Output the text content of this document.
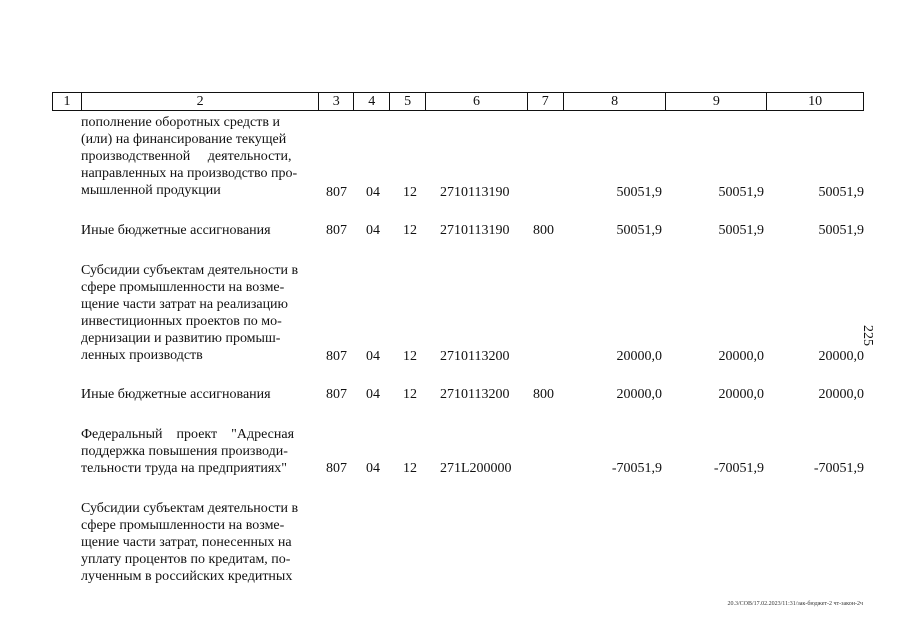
1	2	3	4	5	6	7	8	9	10
пополнение оборотных средств и
(или) на финансирование текущей
производственной     деятельности,
направленных на производство про-
мышленной продукции	807 04 12 2710113190	50051,9	50051,9	50051,9
Иные бюджетные ассигнования	807 04 12 2710113190 800	50051,9	50051,9	50051,9
Субсидии субъектам деятельности в
сфере промышленности на возме-
щение части затрат на реализацию
инвестиционных проектов по мо-
дернизации и развитию промыш-
ленных производств	807 04 12 2710113200	20000,0	20000,0	20000,0
Иные бюджетные ассигнования	807 04 12 2710113200 800	20000,0	20000,0	20000,0
Федеральный    проект    "Адресная
поддержка повышения производи-
тельности труда на предприятиях"	807 04 12 271L200000	-70051,9	-70051,9	-70051,9
Субсидии субъектам деятельности в
сфере промышленности на возме-
щение части затрат, понесенных на
уплату процентов по кредитам, по-
лученным в российских кредитных
225
20.3/СОВ/17.02.2023/11:31/зак-бюджет-2 чт-закон-2ч
